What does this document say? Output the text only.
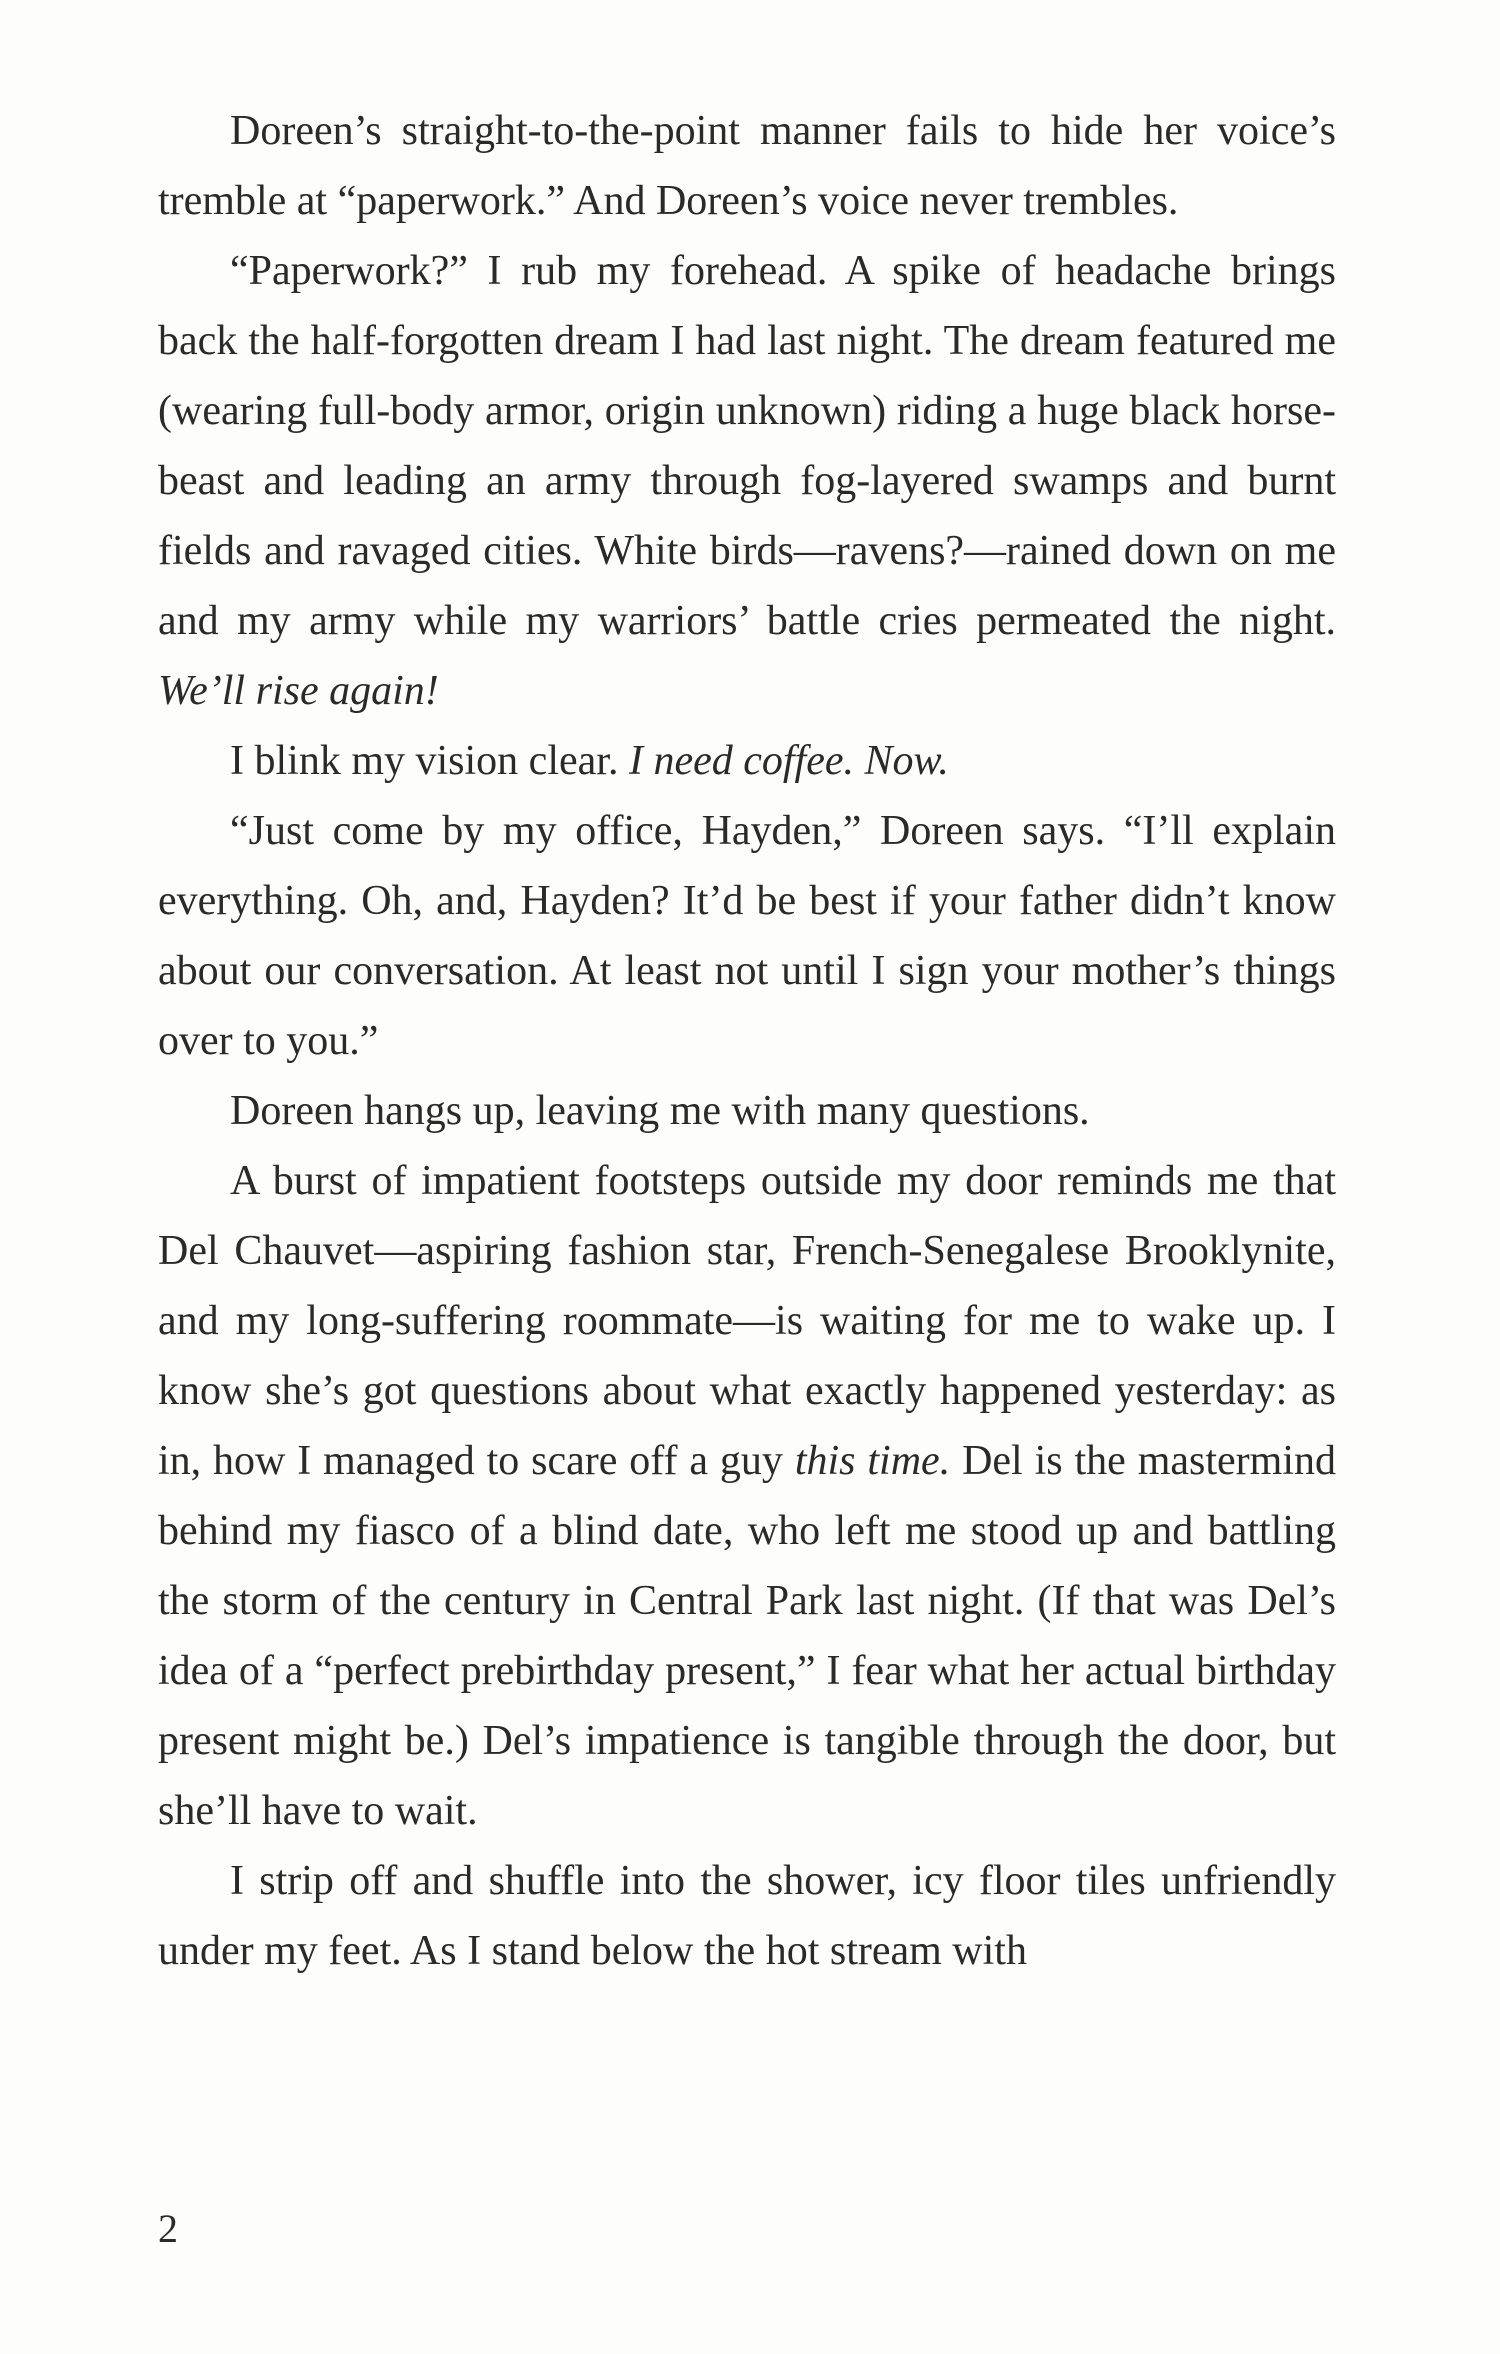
Doreen’s straight-to-the-point manner fails to hide her voice’s tremble at “paperwork.” And Doreen’s voice never trembles.

“Paperwork?” I rub my forehead. A spike of headache brings back the half-forgotten dream I had last night. The dream featured me (wearing full-body armor, origin unknown) riding a huge black horse-beast and leading an army through fog-layered swamps and burnt fields and ravaged cities. White birds—ravens?—rained down on me and my army while my warriors’ battle cries permeated the night. We’ll rise again!

I blink my vision clear. I need coffee. Now.

“Just come by my office, Hayden,” Doreen says. “I’ll explain everything. Oh, and, Hayden? It’d be best if your father didn’t know about our conversation. At least not until I sign your mother’s things over to you.”

Doreen hangs up, leaving me with many questions.

A burst of impatient footsteps outside my door reminds me that Del Chauvet—aspiring fashion star, French-Senegalese Brooklynite, and my long-suffering roommate—is waiting for me to wake up. I know she’s got questions about what exactly happened yesterday: as in, how I managed to scare off a guy this time. Del is the mastermind behind my fiasco of a blind date, who left me stood up and battling the storm of the century in Central Park last night. (If that was Del’s idea of a “perfect prebirthday present,” I fear what her actual birthday present might be.) Del’s impatience is tangible through the door, but she’ll have to wait.

I strip off and shuffle into the shower, icy floor tiles unfriendly under my feet. As I stand below the hot stream with

2
